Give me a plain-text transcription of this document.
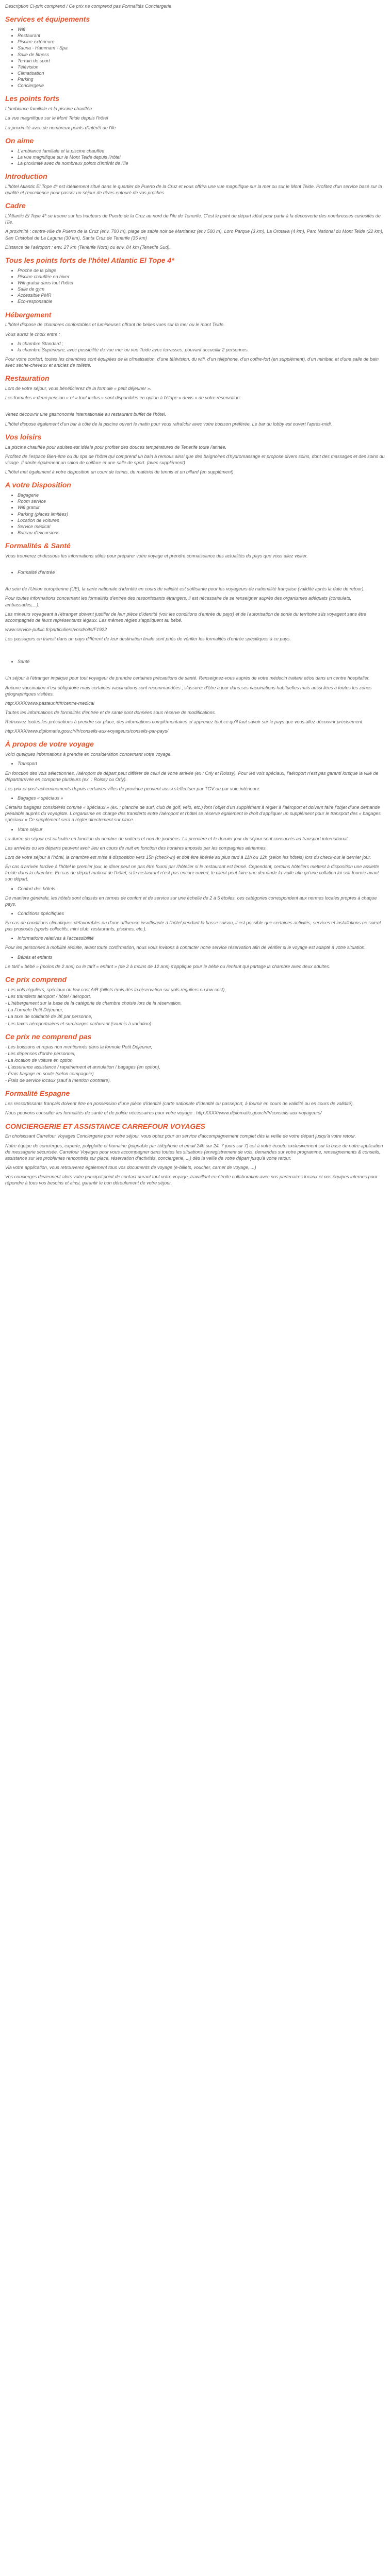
Description Ci-prix comprend / Ce prix ne comprend pas Formalités Conciergerie

Services et équipements
• Wifi
• Restaurant
• Piscine extérieure
• Sauna - Hammam - Spa
• Salle de fitness
• Terrain de sport
• Télévision
• Climatisation
• Parking
• Conciergerie
Les points forts

L'ambiance familiale et la piscine chauffée

La vue magnifique sur le Mont Teide depuis l'hôtel

La proximité avec de nombreux points d'intérêt de l'île

On aime
• L'ambiance familiale et la piscine chauffée
• La vue magnifique sur le Mont Teide depuis l'hôtel
• La proximité avec de nombreux points d'intérêt de l'île
Introduction

L'hôtel Atlantic El Tope 4* est idéalement situé dans le quartier de Puerto de la Cruz et vous offrira une vue magnifique sur la mer ou sur le Mont Teide. Profitez d'un service basé sur la qualité et l'excellence pour passer un séjour de rêves entouré de vos proches.

Cadre

L'Atlantic El Tope 4* se trouve sur les hauteurs de Puerto de la Cruz au nord de l'île de Tenerife. C'est le point de départ idéal pour partir à la découverte des nombreuses curiosités de l'île.

À proximité : centre-ville de Puerto de la Cruz (env. 700 m), plage de sable noir de Martianez (env 500 m), Loro Parque (3 km), La Orotava (4 km), Parc National du Mont Teide (22 km), San Cristobal de La Laguna (30 km), Santa Cruz de Tenerife (35 km)

Distance de l'aéroport : env. 27 km (Tenerife Nord) ou env. 84 km (Tenerife Sud).

Tous les points forts de l'hôtel Atlantic El Tope 4*
• Proche de la plage
• Piscine chauffée en hiver
• Wifi gratuit dans tout l'hôtel
• Salle de gym
• Accessible PMR
• Eco-responsable
Hébergement

L'hôtel dispose de chambres confortables et lumineuses offrant de belles vues sur la mer ou le mont Teide.

Vous aurez le choix entre :

• la chambre Standard ;
• la chambre Supérieure, avec possibilité de vue mer ou vue Teide avec terrasses, pouvant accueillir 2 personnes.

Pour votre confort, toutes les chambres sont équipées de la climatisation, d'une télévision, du wifi, d'un téléphone, d'un coffre-fort (en supplément), d'un minibar, et d'une salle de bain avec sèche-cheveux et articles de toilette.

Restauration

Lors de votre séjour, vous bénéficierez de la formule « petit déjeuner ».

Les formules « demi-pension » et « tout inclus » sont disponibles en option à l'étape « devis » de votre réservation.

Venez découvrir une gastronomie internationale au restaurant buffet de l'hôtel.

L'hôtel dispose également d'un bar à côté de la piscine ouvert le matin pour vous rafraîchir avec votre boisson préférée. Le bar du lobby est ouvert l'après-midi.

Vos loisirs

La piscine chauffée pour adultes est idéale pour profiter des douces températures de Tenerife toute l'année.

Profitez de l'espace Bien-être ou du spa de l'hôtel qui comprend un bain à remous ainsi que des baignoires d'hydromassage et propose divers soins, dont des massages et des soins du visage. Il abrite également un salon de coiffure et une salle de sport. (avec supplément)

L'hôtel met également à votre disposition un court de tennis, du matériel de tennis et un billard (en supplément)

A votre Disposition
• Bagagerie
• Room service
• Wifi gratuit
• Parking (places limitées)
• Location de voitures
• Service médical
• Bureau d'excursions
Formalités & Santé

Vous trouverez ci-dessous les informations utiles pour préparer votre voyage et prendre connaissance des actualités du pays que vous allez visiter.

• Formalité d'entrée

Au sein de l'Union européenne (UE), la carte nationale d'identité en cours de validité est suffisante pour les voyageurs de nationalité française (validité aprés la date de retour).

Pour toutes informations concernant les formalités d'entrée des ressortissants étrangers, il est nécessaire de se renseigner auprès des organismes adéquats (consulats, ambassades,...).

Les mineurs voyageant à l'étranger doivent justifier de leur pièce d'identité (voir les conditions d'entrée du pays) et de l'autorisation de sortie du territoire s'ils voyagent sans être accompagnés de leurs représentants légaux. Les mêmes règles s'appliquent au bébé.

www.service-public.fr/particuliers/vosdroits/F1922

Les passagers en transit dans un pays différent de leur destination finale sont priés de vérifier les formalités d'entrée spécifiques à ce pays.

• Santé

Un séjour à l'étranger implique pour tout voyageur de prendre certaines précautions de santé. Renseignez-vous auprès de votre médecin traitant et/ou dans un centre hospitalier.

Aucune vaccination n'est obligatoire mais certaines vaccinations sont recommandées ; s'assurer d'être à jour dans ses vaccinations habituelles mais aussi liées à toutes les zones géographiques visitées.

http:XXXX/www.pasteur.fr/fr/centre-medical

Toutes les informations de formalités d'entrée et de santé sont données sous réserve de modifications.

Retrouvez toutes les précautions à prendre sur place, des informations complémentaires et apprenez tout ce qu'il faut savoir sur le pays que vous allez découvrir précisément.

http:XXXX/www.diplomatie.gouv.fr/fr/conseils-aux-voyageurs/conseils-par-pays/

À propos de votre voyage

Voici quelques informations à prendre en considération concernant votre voyage.

• Transport

En fonction des vols sélectionnés, l'aéroport de départ peut différer de celui de votre arrivée (ex : Orly et Roissy). Pour les vols spéciaux, l'aéroport n'est pas garanti lorsque la ville de départ/arrivée en comporte plusieurs (ex. : Roissy ou Orly).

Les prix et post-acheminements depuis certaines villes de province peuvent aussi s'effectuer par TGV ou par voie intérieure.

• Bagages « spéciaux »

Certains bagages considérés comme « spéciaux » (ex. : planche de surf, club de golf, vélo, etc.) font l'objet d'un supplément à régler à l'aéroport et doivent faire l'objet d'une demande préalable auprès du voyagiste. L'organisme en charge des transferts entre l'aéroport et l'hôtel se réserve également le droit d'appliquer un supplément pour le transport des « bagages spéciaux » Ce supplément sera à régler directement sur place.

• Votre séjour

La durée du séjour est calculée en fonction du nombre de nuitées et non de journées. La première et le dernier jour du séjour sont consacrés au transport international.

Les arrivées ou les départs peuvent avoir lieu en cours de nuit en fonction des horaires imposés par les compagnies aériennes.

Lors de votre séjour à l'hôtel, la chambre est mise à disposition vers 15h (check-in) et doit être libérée au plus tard à 11h ou 12h (selon les hôtels) lors du check-out le dernier jour.

En cas d'arrivée tardive à l'hôtel le premier jour, le dîner peut ne pas être fourni par l'hôtelier si le restaurant est fermé. Cependant, certains hôteliers mettent à disposition une assiette froide dans la chambre. En cas de départ matinal de l'hôtel, si le restaurant n'est pas encore ouvert, le client peut faire une demande la veille afin qu'une collation lui soit fournie avant son départ.

• Confort des hôtels

De manière générale, les hôtels sont classés en termes de confort et de service sur une échelle de 2 à 5 étoiles, ces catégories correspondent aux normes locales propres à chaque pays.

• Conditions spécifiques

En cas de conditions climatiques défavorables ou d'une affluence insuffisante à l'hôtel pendant la basse saison, il est possible que certaines activités, services et installations ne soient pas proposés (sports collectifs, mini club, restaurants, piscines, etc.).

• Informations relatives à l'accessibilité

Pour les personnes à mobilité réduite, avant toute confirmation, nous vous invitons à contacter notre service réservation afin de vérifier si le voyage est adapté à votre situation.

• Bébés et enfants

Le tarif « bébé » (moins de 2 ans) ou le tarif « enfant » (de 2 à moins de 12 ans) s'applique pour le bébé ou l'enfant qui partage la chambre avec deux adultes.

Ce prix comprend

- Les vols réguliers, spéciaux ou low cost A/R (billets émis dès la réservation sur vols réguliers ou low cost),

- Les transferts aéroport / hôtel / aéroport,

- L'hébergement sur la base de la catégorie de chambre choisie lors de la réservation,

- La Formule Petit Déjeuner,

- La taxe de solidarité de 3€ par personne,

- Les taxes aéroportuaires et surcharges carburant (soumis à variation).

Ce prix ne comprend pas

- Les boissons et repas non mentionnés dans la formule Petit Déjeuner,

- Les dépenses d'ordre personnel,

- La location de voiture en option,

- L'assurance assistance / rapatriement et annulation / bagages (en option),

- Frais bagage en soute (selon compagnie)

- Frais de service locaux (sauf à mention contraire).

Formalité Espagne

Les ressortissants français doivent être en possession d'une pièce d'identité (carte nationale d'identité ou passeport, à fournir en cours de validité ou en cours de validité).

Nous pouvons consulter les formalités de santé et de police nécessaires pour votre voyage : http:XXXX/www.diplomatie.gouv.fr/fr/conseils-aux-voyageurs/

CONCIERGERIE ET ASSISTANCE CARREFOUR VOYAGES

En choisissant Carrefour Voyages Conciergerie pour votre séjour, vous optez pour un service d'accompagnement complet dès la veille de votre départ jusqu'à votre retour.

Notre équipe de concierges, experte, polyglotte et humaine (joignable par téléphone et email 24h sur 24, 7 jours sur 7) est à votre écoute exclusivement sur la base de notre application de messagerie sécurisée. Carrefour Voyages pour vous accompagner dans toutes les situations (enregistrement de vols, demandes sur votre programme, renseignements & conseils, assistance sur les problèmes rencontrés sur place, réservation d'activités, conciergerie, ...) dès la veille de votre départ jusqu'à votre retour.

Via votre application, vous retrouverez également tous vos documents de voyage (e-billets, voucher, carnet de voyage, ...)

Vos concierges deviennent alors votre principal point de contact durant tout votre voyage, travaillant en étroite collaboration avec nos partenaires locaux et nos équipes internes pour répondre à tous vos besoins et ainsi, garantir le bon déroulement de votre séjour.
